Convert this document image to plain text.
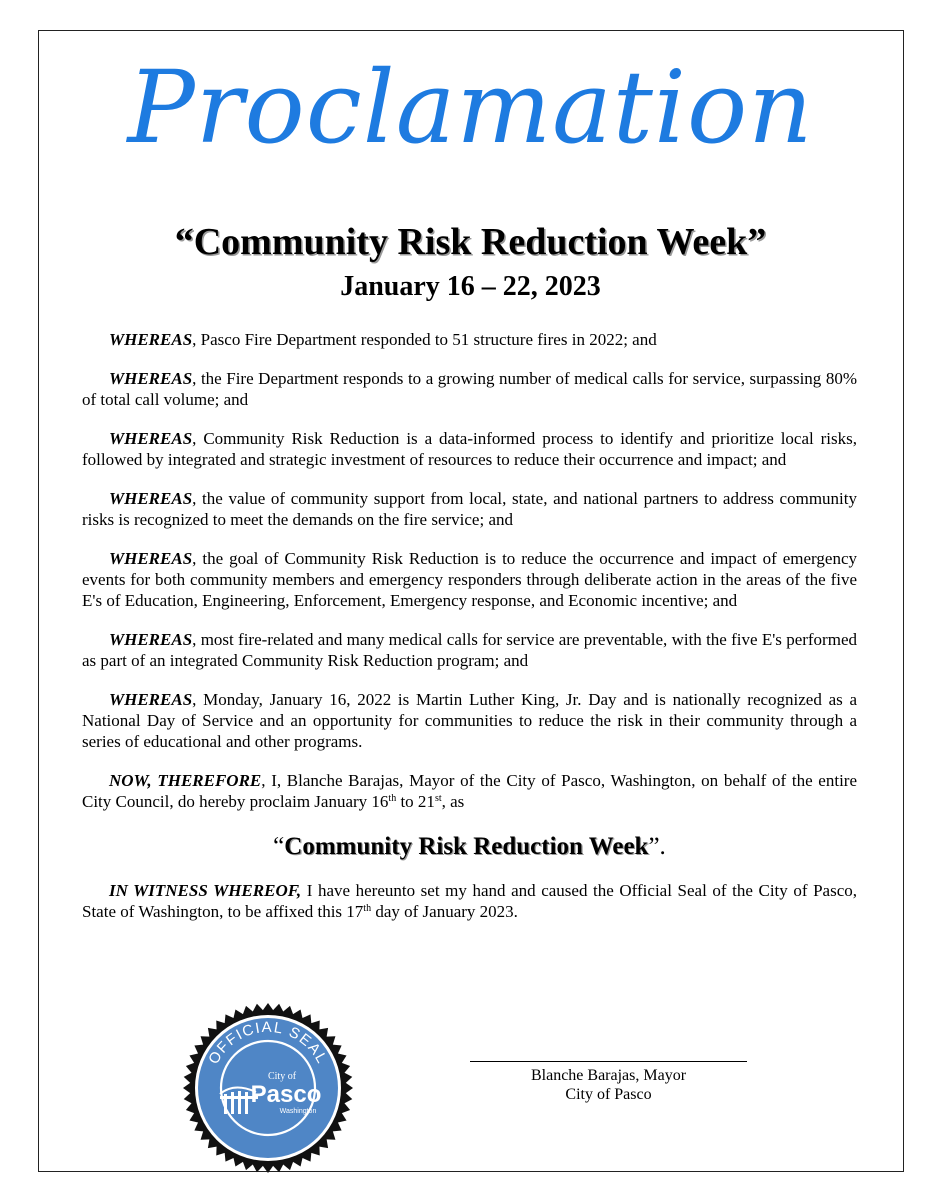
Proclamation
“Community Risk Reduction Week”
January 16 – 22, 2023

WHEREAS, Pasco Fire Department responded to 51 structure fires in 2022; and

WHEREAS, the Fire Department responds to a growing number of medical calls for service, surpassing 80% of total call volume; and

WHEREAS, Community Risk Reduction is a data-informed process to identify and prioritize local risks, followed by integrated and strategic investment of resources to reduce their occurrence and impact; and

WHEREAS, the value of community support from local, state, and national partners to address community risks is recognized to meet the demands on the fire service; and

WHEREAS, the goal of Community Risk Reduction is to reduce the occurrence and impact of emergency events for both community members and emergency responders through deliberate action in the areas of the five E's of Education, Engineering, Enforcement, Emergency response, and Economic incentive; and

WHEREAS, most fire-related and many medical calls for service are preventable, with the five E's performed as part of an integrated Community Risk Reduction program; and

WHEREAS, Monday, January 16, 2022 is Martin Luther King, Jr. Day and is nationally recognized as a National Day of Service and an opportunity for communities to reduce the risk in their community through a series of educational and other programs.

NOW, THEREFORE, I, Blanche Barajas, Mayor of the City of Pasco, Washington, on behalf of the entire City Council, do hereby proclaim January 16th to 21st, as

“Community Risk Reduction Week”.

IN WITNESS WHEREOF, I have hereunto set my hand and caused the Official Seal of the City of Pasco, State of Washington, to be affixed this 17th day of January 2023.

OFFICIAL SEAL
City of
Pasco
Washington
Blanche Barajas, Mayor
City of Pasco
